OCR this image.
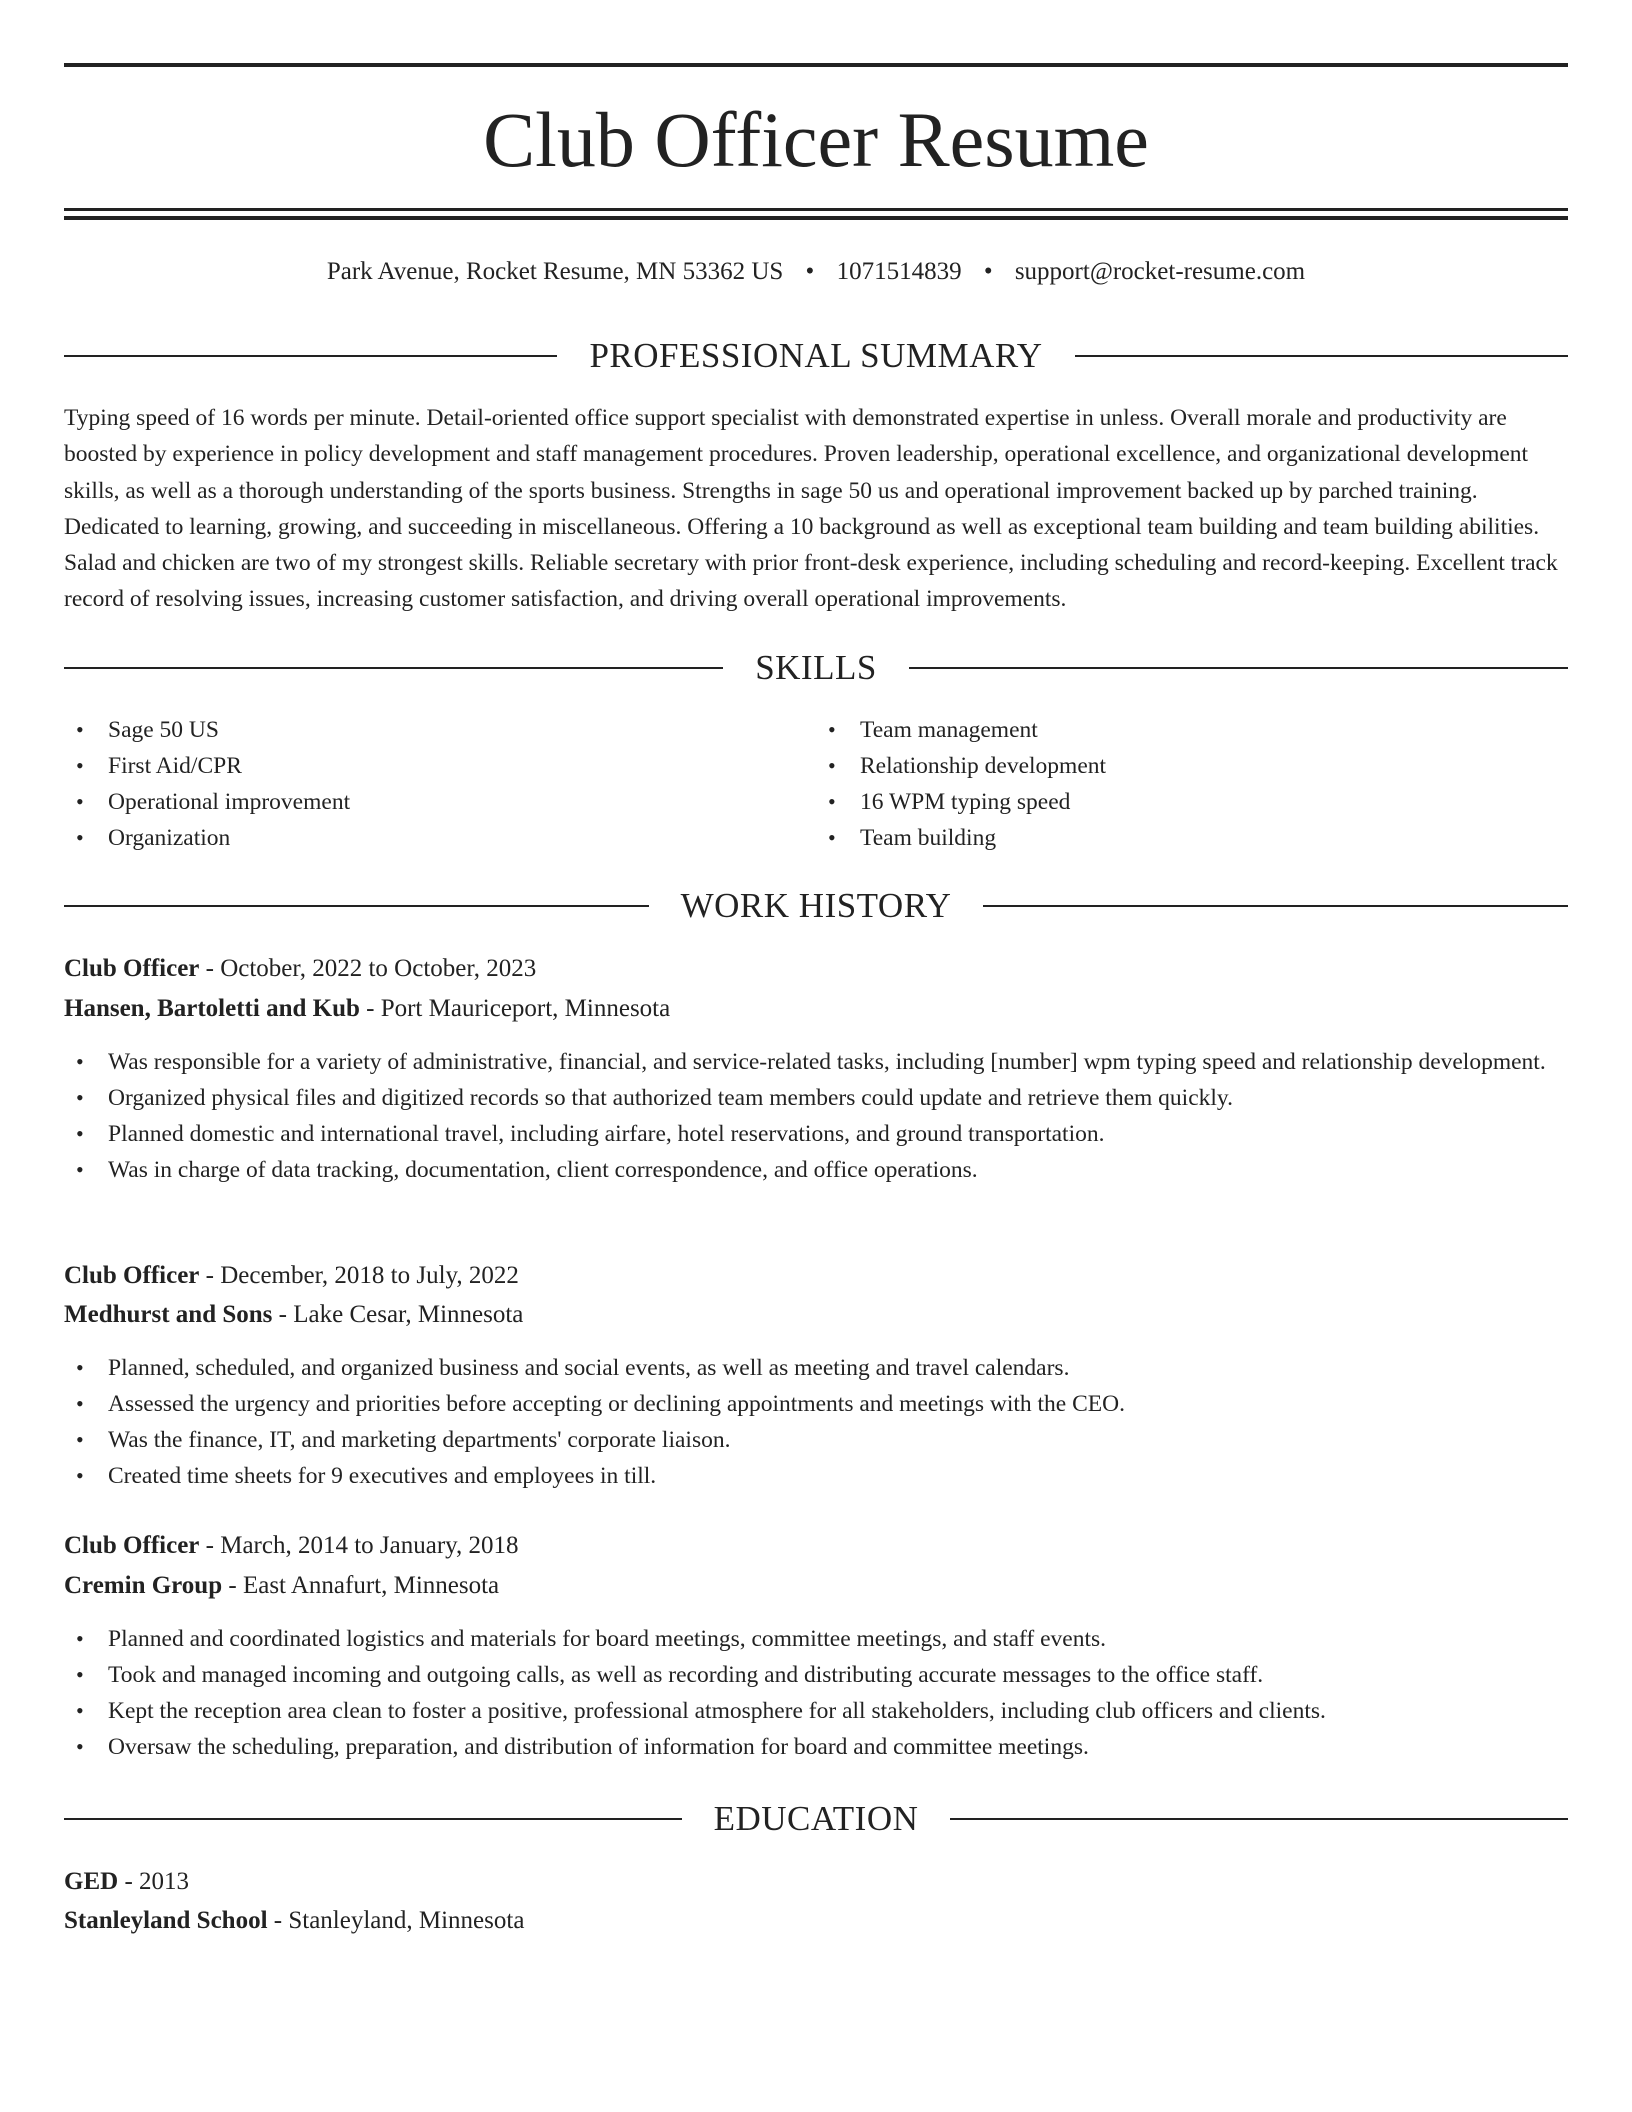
Club Officer Resume
Park Avenue, Rocket Resume, MN 53362 US • 1071514839 • support@rocket-resume.com
PROFESSIONAL SUMMARY

Typing speed of 16 words per minute. Detail-oriented office support specialist with demonstrated expertise in unless. Overall morale and productivity are boosted by experience in policy development and staff management procedures. Proven leadership, operational excellence, and organizational development skills, as well as a thorough understanding of the sports business. Strengths in sage 50 us and operational improvement backed up by parched training. Dedicated to learning, growing, and succeeding in miscellaneous. Offering a 10 background as well as exceptional team building and team building abilities. Salad and chicken are two of my strongest skills. Reliable secretary with prior front-desk experience, including scheduling and record-keeping. Excellent track record of resolving issues, increasing customer satisfaction, and driving overall operational improvements.

SKILLS
• Sage 50 US
• First Aid/CPR
• Operational improvement
• Organization
• Team management
• Relationship development
• 16 WPM typing speed
• Team building
WORK HISTORY
Club Officer - October, 2022 to October, 2023
Hansen, Bartoletti and Kub - Port Mauriceport, Minnesota
• Was responsible for a variety of administrative, financial, and service-related tasks, including [number] wpm typing speed and relationship development.
• Organized physical files and digitized records so that authorized team members could update and retrieve them quickly.
• Planned domestic and international travel, including airfare, hotel reservations, and ground transportation.
• Was in charge of data tracking, documentation, client correspondence, and office operations.
Club Officer - December, 2018 to July, 2022
Medhurst and Sons - Lake Cesar, Minnesota
• Planned, scheduled, and organized business and social events, as well as meeting and travel calendars.
• Assessed the urgency and priorities before accepting or declining appointments and meetings with the CEO.
• Was the finance, IT, and marketing departments' corporate liaison.
• Created time sheets for 9 executives and employees in till.
Club Officer - March, 2014 to January, 2018
Cremin Group - East Annafurt, Minnesota
• Planned and coordinated logistics and materials for board meetings, committee meetings, and staff events.
• Took and managed incoming and outgoing calls, as well as recording and distributing accurate messages to the office staff.
• Kept the reception area clean to foster a positive, professional atmosphere for all stakeholders, including club officers and clients.
• Oversaw the scheduling, preparation, and distribution of information for board and committee meetings.
EDUCATION
GED - 2013
Stanleyland School - Stanleyland, Minnesota
